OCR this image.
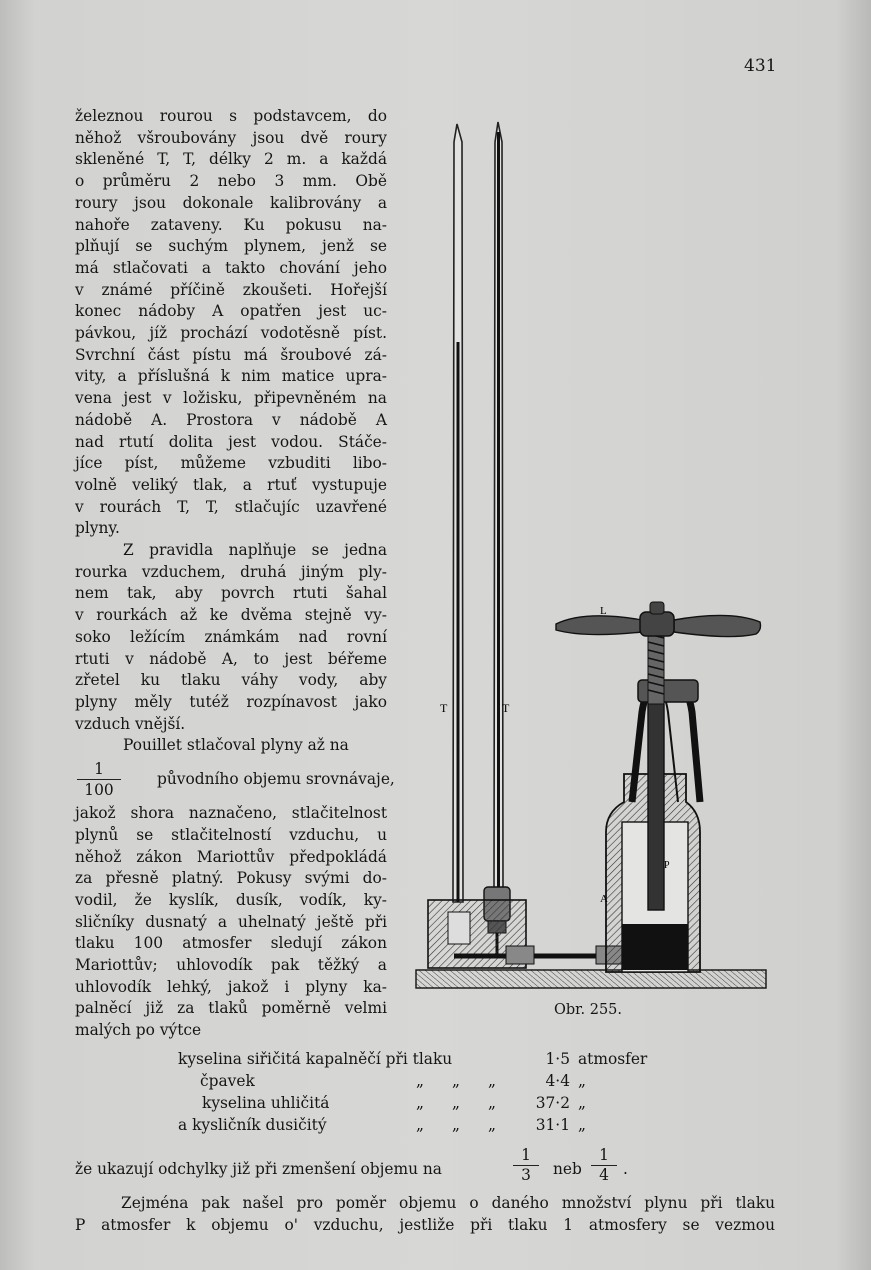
431
železnou rourou s podstavcem, do
něhož všroubovány jsou dvě roury
skleněné T, T, délky 2 m. a každá
o průměru 2 nebo 3 mm. Obě
roury jsou dokonale kalibrovány a
nahoře zataveny. Ku pokusu na-
plňují se suchým plynem, jenž se
má stlačovati a takto chování jeho
v známé příčině zkoušeti. Hořejší
konec nádoby A opatřen jest uc-
pávkou, jíž prochází vodotěsně píst.
Svrchní část pístu má šroubové zá-
vity, a příslušná k nim matice upra-
vena jest v ložisku, připevněném na
nádobě A. Prostora v nádobě A
nad rtutí dolita jest vodou. Stáče-
jíce píst, můžeme vzbuditi libo-
volně veliký tlak, a rtuť vystupuje
v rourách T, T, stlačujíc uzavřené
plyny.
Z pravidla naplňuje se jedna
rourka vzduchem, druhá jiným ply-
nem tak, aby povrch rtuti šahal
v rourkách až ke dvěma stejně vy-
soko ležícím známkám nad rovní
rtuti v nádobě A, to jest béřeme
zřetel ku tlaku váhy vody, aby
plyny měly tutéž rozpínavost jako
vzduch vnější.
Pouillet stlačoval plyny až na
$\frac{1}{100}$ původního objemu srovnávaje,
jakož shora naznačeno, stlačitelnost
plynů se stlačitelností vzduchu, u
něhož zákon Mariottův předpokládá
za přesně platný. Pokusy svými do-
vodil, že kyslík, dusík, vodík, ky-
sličníky dusnatý a uhelnatý ještě při
tlaku 100 atmosfer sledují zákon
Mariottův; uhlovodík pak těžký a
uhlovodík lehký, jakož i plyny ka-
palněcí již za tlaků poměrně velmi
malých po výtce
L
T	T
P
A
Obr. 255.
kyselina siřičitá kapalněčí při tlaku				1·5	atmosfer
čpavek	„	„	„	4·4	„
kyselina uhličitá	„	„	„	37·2	„
a kysličník dusičitý	„	„	„	31·1	„
že ukazují odchylky již při zmenšení objemu na	$\frac{1}{3}$ neb $\frac{1}{4}$ .
Zejména pak našel pro poměr objemu o daného množství plynu při tlaku
P atmosfer k objemu o' vzduchu, jestliže při tlaku 1 atmosfery se vezmou
